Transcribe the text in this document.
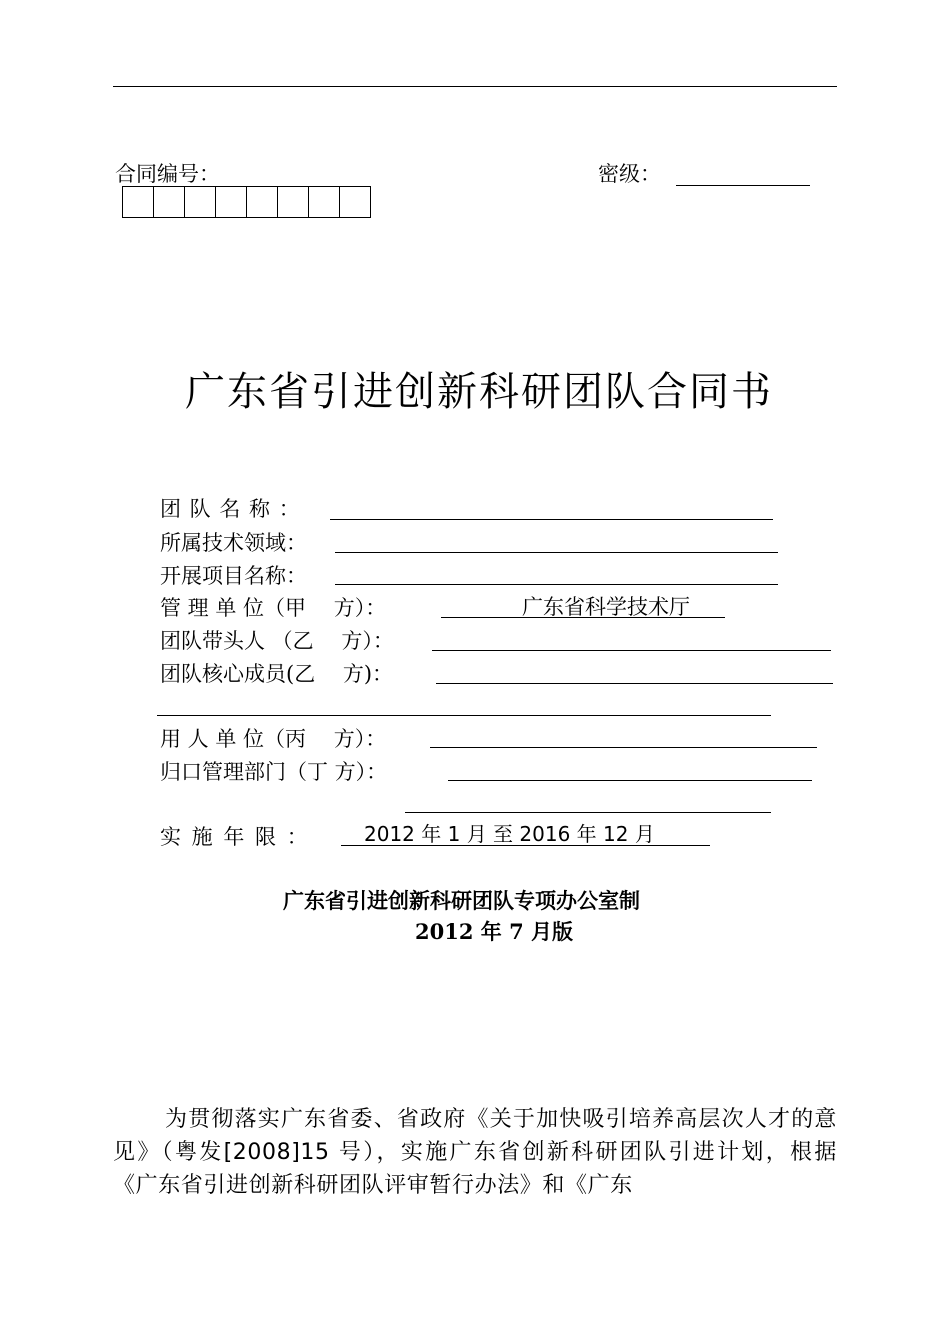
合同编号：	密级：
广东省引进创新科研团队合同书
团 队 名 称 ：
所属技术领域：
开展项目名称：
管 理 单 位（甲　 方）：	广东省科学技术厅
团队带头人 （乙　 方）：
团队核心成员(乙　 方)：
用 人 单 位（丙　 方）：
归口管理部门（丁 方）：
实 施 年 限 ：	2012 年 1 月 至 2016 年 12 月
广东省引进创新科研团队专项办公室制
2012 年 7 月版
为贯彻落实广东省委、省政府《关于加快吸引培养高层次人才的意见》（粤发[2008]15 号），实施广东省创新科研团队引进计划，根据《广东省引进创新科研团队评审暂行办法》和《广东
